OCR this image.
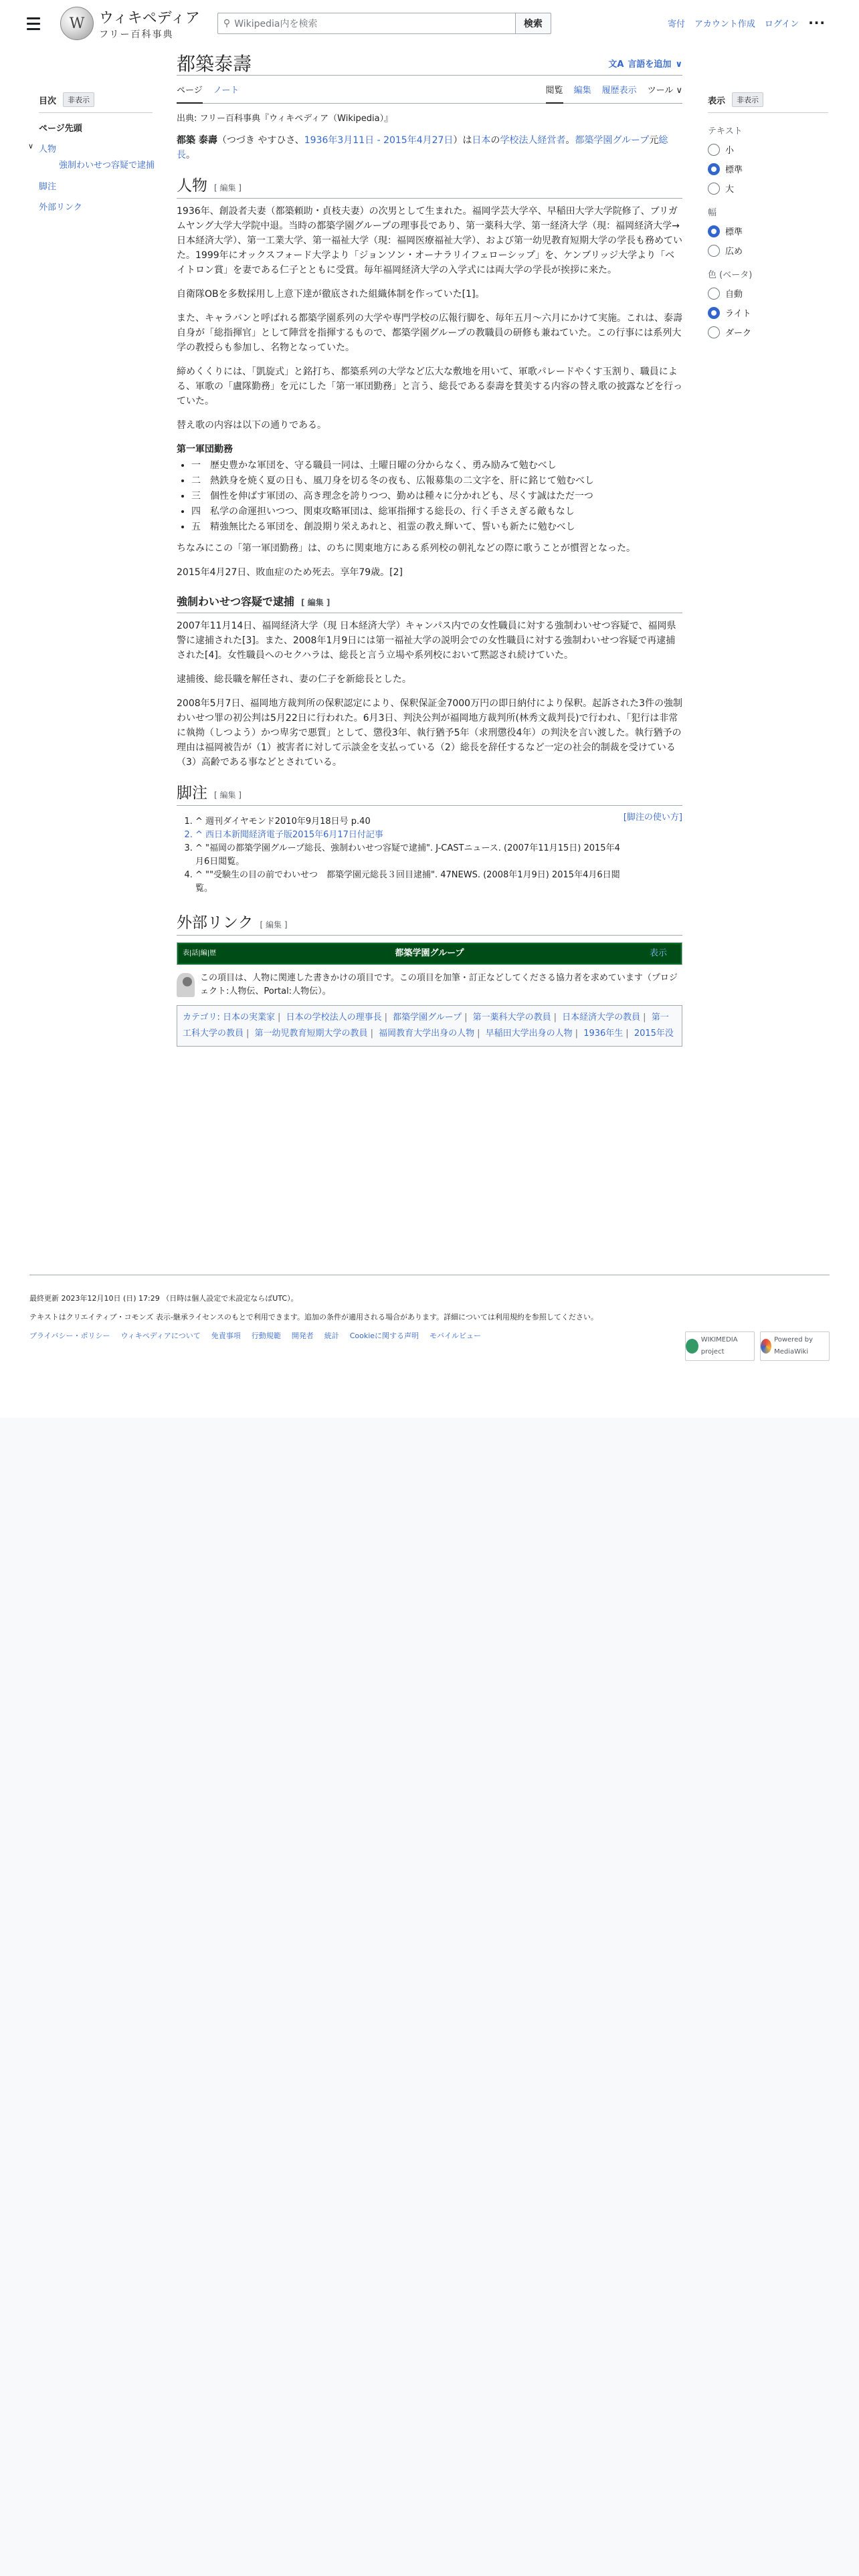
W
ウィキペディア
フリー百科事典
⚲ Wikipedia内を検索	検索	寄付 アカウント作成 ログイン ···
目次	非表示
ページ先頭
∨ 人物
強制わいせつ容疑で逮捕
脚注
外部リンク
表示	非表示
テキスト
小
標準
大
幅
標準
広め
色 (ベータ)
自動
ライト
ダーク
都築泰壽	文A 言語を追加 ∨
ページ ノート	閲覧 編集 履歴表示 ツール ∨
出典: フリー百科事典『ウィキペディア（Wikipedia）』

都築 泰壽（つづき やすひさ、1936年3月11日 - 2015年4月27日）は日本の学校法人経営者。都築学園グループ元総長。

人物 [ 編集 ]

1936年、創設者夫妻（都築頼助・貞枝夫妻）の次男として生まれた。福岡学芸大学卒、早稲田大学大学院修了、ブリガムヤング大学大学院中退。当時の都築学園グループの理事長であり、第一薬科大学、第一経済大学（現：福岡経済大学→日本経済大学）、第一工業大学、第一福祉大学（現：福岡医療福祉大学）、および第一幼児教育短期大学の学長も務めていた。1999年にオックスフォード大学より「ジョンソン・オーナラリイフェローシップ」を、ケンブリッジ大学より「ベイトロン賞」を妻である仁子とともに受賞。毎年福岡経済大学の入学式には両大学の学長が挨拶に来た。

自衛隊OBを多数採用し上意下達が徹底された組織体制を作っていた[1]。

また、キャラバンと呼ばれる都築学園系列の大学や専門学校の広報行脚を、毎年五月〜六月にかけて実施。これは、泰壽自身が「総指揮官」として陣営を指揮するもので、都築学園グループの教職員の研修も兼ねていた。この行事には系列大学の教授らも参加し、名物となっていた。

締めくくりには、「凱旋式」と銘打ち、都築系列の大学など広大な敷地を用いて、軍歌パレードやくす玉割り、職員による、軍歌の「盧隊勤務」を元にした「第一軍団勤務」と言う、総長である泰壽を賛美する内容の替え歌の披露などを行っていた。

替え歌の内容は以下の通りである。

第一軍団勤務
• 一　歴史豊かな軍団を、守る職員一同は、土曜日曜の分からなく、勇み励みて勉むべし
• 二　熱鉄身を焼く夏の日も、風刀身を切る冬の夜も、広報募集の二文字を、肝に銘じて勉むべし
• 三　個性を伸ばす軍団の、高き理念を誇りつつ、勤めは種々に分かれども、尽くす誠はただ一つ
• 四　私学の命運担いつつ、関東攻略軍団は、総軍指揮する総長の、行く手さえぎる敵もなし
• 五　精強無比たる軍団を、創設期り栄えあれと、祖霊の教え輝いて、誓いも新たに勉むべし

ちなみにこの「第一軍団勤務」は、のちに関東地方にある系列校の朝礼などの際に歌うことが慣習となった。

2015年4月27日、敗血症のため死去。享年79歳。[2]

強制わいせつ容疑で逮捕 [ 編集 ]

2007年11月14日、福岡経済大学（現 日本経済大学）キャンパス内での女性職員に対する強制わいせつ容疑で、福岡県警に逮捕された[3]。また、2008年1月9日には第一福祉大学の説明会での女性職員に対する強制わいせつ容疑で再逮捕された[4]。女性職員へのセクハラは、総長と言う立場や系列校において黙認され続けていた。

逮捕後、総長職を解任され、妻の仁子を新総長とした。

2008年5月7日、福岡地方裁判所の保釈認定により、保釈保証金7000万円の即日納付により保釈。起訴された3件の強制わいせつ罪の初公判は5月22日に行われた。6月3日、判決公判が福岡地方裁判所(林秀文裁判長)で行われ、「犯行は非常に執拗（しつよう）かつ卑劣で悪質」として、懲役3年、執行猶予5年（求刑懲役4年）の判決を言い渡した。執行猶予の理由は福岡被告が（1）被害者に対して示談金を支払っている（2）総長を辞任するなど一定の社会的制裁を受けている（3）高齢である事などとされている。

脚注 [ 編集 ]
1. ^ 週刊ダイヤモンド2010年9月18日号 p.40
2. ^ 西日本新聞経済電子版2015年6月17日付記事
3. ^ "福岡の都築学園グループ総長、強制わいせつ容疑で逮捕". J-CASTニュース. (2007年11月15日) 2015年4月6日閲覧。
4. ^ ""受験生の目の前でわいせつ　都築学園元総長３回目逮捕". 47NEWS. (2008年1月9日) 2015年4月6日閲覧。
[脚注の使い方]
外部リンク [ 編集 ]
表|話|編|歴	都築学園グループ	表示
この項目は、人物に関連した書きかけの項目です。この項目を加筆・訂正などしてくださる協力者を求めています（プロジェクト:人物伝、Portal:人物伝）。
カテゴリ: 日本の実業家 | 日本の学校法人の理事長 | 都築学園グループ | 第一薬科大学の教員 | 日本経済大学の教員 | 第一工科大学の教員 | 第一幼児教育短期大学の教員 | 福岡教育大学出身の人物 | 早稲田大学出身の人物 | 1936年生 | 2015年没
最終更新 2023年12月10日 (日) 17:29 （日時は個人設定で未設定ならばUTC）。
テキストはクリエイティブ・コモンズ 表示-継承ライセンスのもとで利用できます。追加の条件が適用される場合があります。詳細については利用規約を参照してください。
プライバシー・ポリシー ウィキペディアについて 免責事項 行動規範 開発者 統計 Cookieに関する声明 モバイルビュー	WIKIMEDIA project
Powered by MediaWiki
